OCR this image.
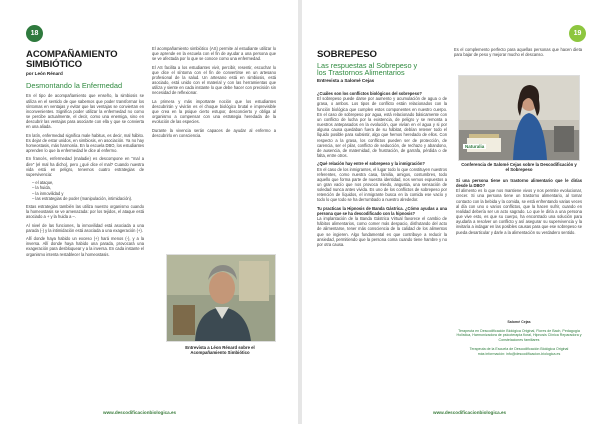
18
ACOMPAÑAMIENTO
SIMBIÓTICO
por León Rénard
Desmontando la Enfermedad

En el tipo de acompañamiento que enseño, la simbiosis se utiliza en el sentido de que sabemos que poder transformar los síntomas en ventajas y evitar que las ventajas se conviertan en inconvenientes. Significa poder utilizar la enfermedad no como se percibe actualmente, el decir, como una enemiga, sino en descubrir las ventajas para asociarte con ella y que se convierta en una aliada.

En latín, enfermedad significa male habitus, es decir, mal hábito. Es dejar de estar unidos, en simbiosis, en asociación. Ya no hay homeostasis, más harmonía. En la escuela DBO, los estudiantes aprenden lo que la enfermedad le dice al enfermo.

En francés, enfermedad (maladie) es descompone en "mal a dire" (el mal ha dicho), pero ¿qué dice el mal? Cuando nuestra vida está en peligro, tenemos cuatro estrategias de supervivencia:

– el ataque,
– la huida,
– la inmovilidad y
– las estrategias de poder (manipulación, intimidación).

Estas estrategias también las utiliza nuestro organismo cuando la homeostasis se ve amenazada: por los tejidos, el ataque está asociado a + y la huida a –.

Al nivel de las funciones, la inmovilidad está asociada a una parada (-) y la intimidación está asociada a una exageración (+).

Allí donde haya habido un exceso (+) hará menos (-), y a la inversa. Allí donde haya habido una parada, provocará una exageración para desbloquear y a la inversa. En cada instante el organismo intenta restablecer la homeostasis.

El acompañamiento simbiótico (AS) permite al estudiante utilizar lo que aprende en la escuela con el fin de ayudar a una persona que se ve afectada por lo que se conoce como una enfermedad.

El AS facilita a los estudiantes vivir, percibir, resentir, escuchar lo que dice el síntoma con el fin de convertirse en un artesano profesional de la salud. Un artesano está en simbiosis, está asociado, está unido con el material y con las herramientas que utiliza y siente en cada instante lo que debe hacer con precisión sin necesidad de reflexionar.

La primera y más importante noción que los estudiantes descubrirán y vivirán es el choque biológico brutal e imprevisible que crea en la psique cierto estupor, desconcierto y obliga al organismo a compensar con una estrategia heredada de la evolución de las especies.

Durante la vivencia serán capaces de ayudar al enfermo a descubrirlo en consciencia.

Entrevista a Léon Rénard sobre el Acompañamiento Simbiótico
www.descodificacionbiologica.es
19
SOBREPESO
Las respuestas al Sobrepeso y
los Trastornos Alimentarios
Entrevista a Salomé Cejas

¿Cuáles son los conflictos biológicos del sobrepeso?

El sobrepeso puede darse por aumento y acumulación de agua o de grasa, o ambos. Los tipos de conflicto están relacionados con la función biológica que cumplen estos componentes en nuestro cuerpo. En el caso de sobrepeso por agua, está relacionado básicamente con un conflicto de lucha por la existencia, de peligro y se remonta a nuestros antepasados en la evolución, que vivían en el agua y si por alguna causa quedaban fuera de su hábitat, debían retener todo el líquido posible para subsistir, algo que hemos heredado de ellos. Con respecto a la grasa, los conflictos pueden ser de protección, de carencia, ser el pilar, conflicto de seducción, de rechazo y abandono, de ausencia, de maternidad, de frustración, de garrafa, pérdida o de falta, entre otros.

¿Qué relación hay entre el sobrepeso y la inmigración?

En el caso de los inmigrantes, el lugar todo lo que constituyen nuestros referentes, como nuestra casa, familia, amigos, costumbres, todo aquello que forma parte de nuestra identidad, nos vemos expuestos a un gran vacío que nos provoca miedo, angustia, una sensación de soledad nunca antes vivida. Es uno de los conflictos de sobrepeso por retención de líquidos, el inmigrante busca en la comida ese vacío y todo lo que todo se ha derrumbado a nuestro alrededor.

Tu practicas la Hipnosis de Banda Gástrica. ¿Cómo ayudas a una persona que se ha descodificado con la hipnosis?

La implantación de la Banda Gástrica Virtual favorece el cambio de hábitos alimentarios, como comer más despacio, disfrutando del acto de alimentarse, tener más consciencia de la calidad de los alimentos que se ingieren. Algo fundamental es que contribuye a reducir la ansiedad, permitiendo que la persona coma cuando tiene hambre y no por otra causa.

Es el complemento perfecto para aquellas personas que hacen dieta para bajar de peso y mejorar mucho el descanso.

Naturalia
Conferencia de Salomé Cejas sobre la Descodificación y el Sobrepeso

Si una persona tiene un trastorno alimentario que le dirías desde la DBO?

El alimento es lo que nos mantiene vivos y nos permite evolucionar, crecer. Si una persona tiene un trastorno alimentario, al tomar contacto con la bebida y la comida, se está enfrentando varias veces al día con uno o varios conflictos, que la hacen sufrir, cuando en realidad debería ser un acto sagrado. Lo que le diría a una persona que vive esto, es que su cuerpo, ha encontrado una solución para ayudarla a resolver un conflicto y así asegurar su supervivencia y la invitaría a indagar en las posibles causas para que ese sobrepeso se pueda desarticular y darle a la alimentación su verdadero sentido.

Salomé Cejas
Terapeuta en Descodificación Biológica Original, Flores de Bach, Pedagogía Holística, Harmonizadora de psicoterapia floral, Hipnosis Clínica Reparadora y Constelaciones familiares
Terapeuta de la Escuela de Descodificación Biológica Original
más información: info@descodificacion-biologica.es
www.descodificacionbiologica.es
